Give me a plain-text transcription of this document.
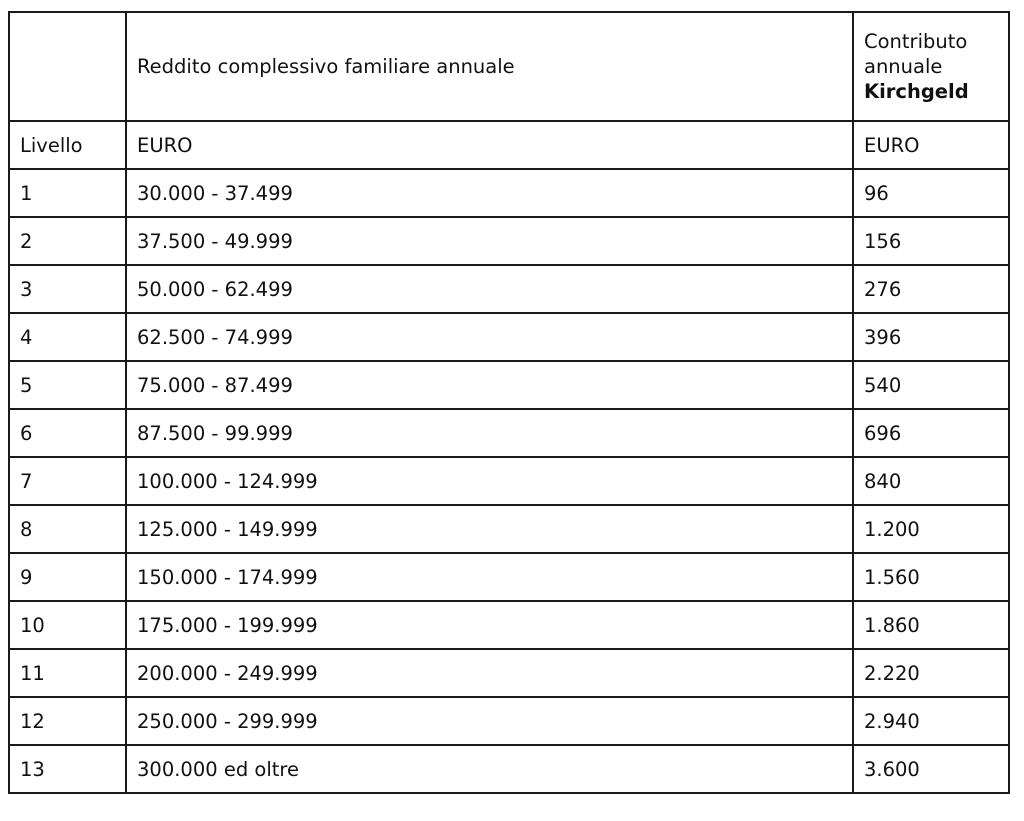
	Reddito complessivo familiare annuale	Contributo
annuale
Kirchgeld

Livello	EURO	EURO
1	30.000 - 37.499	96
2	37.500 - 49.999	156
3	50.000 - 62.499	276
4	62.500 - 74.999	396
5	75.000 - 87.499	540
6	87.500 - 99.999	696
7	100.000 - 124.999	840
8	125.000 - 149.999	1.200
9	150.000 - 174.999	1.560
10	175.000 - 199.999	1.860
11	200.000 - 249.999	2.220
12	250.000 - 299.999	2.940
13	300.000 ed oltre	3.600
